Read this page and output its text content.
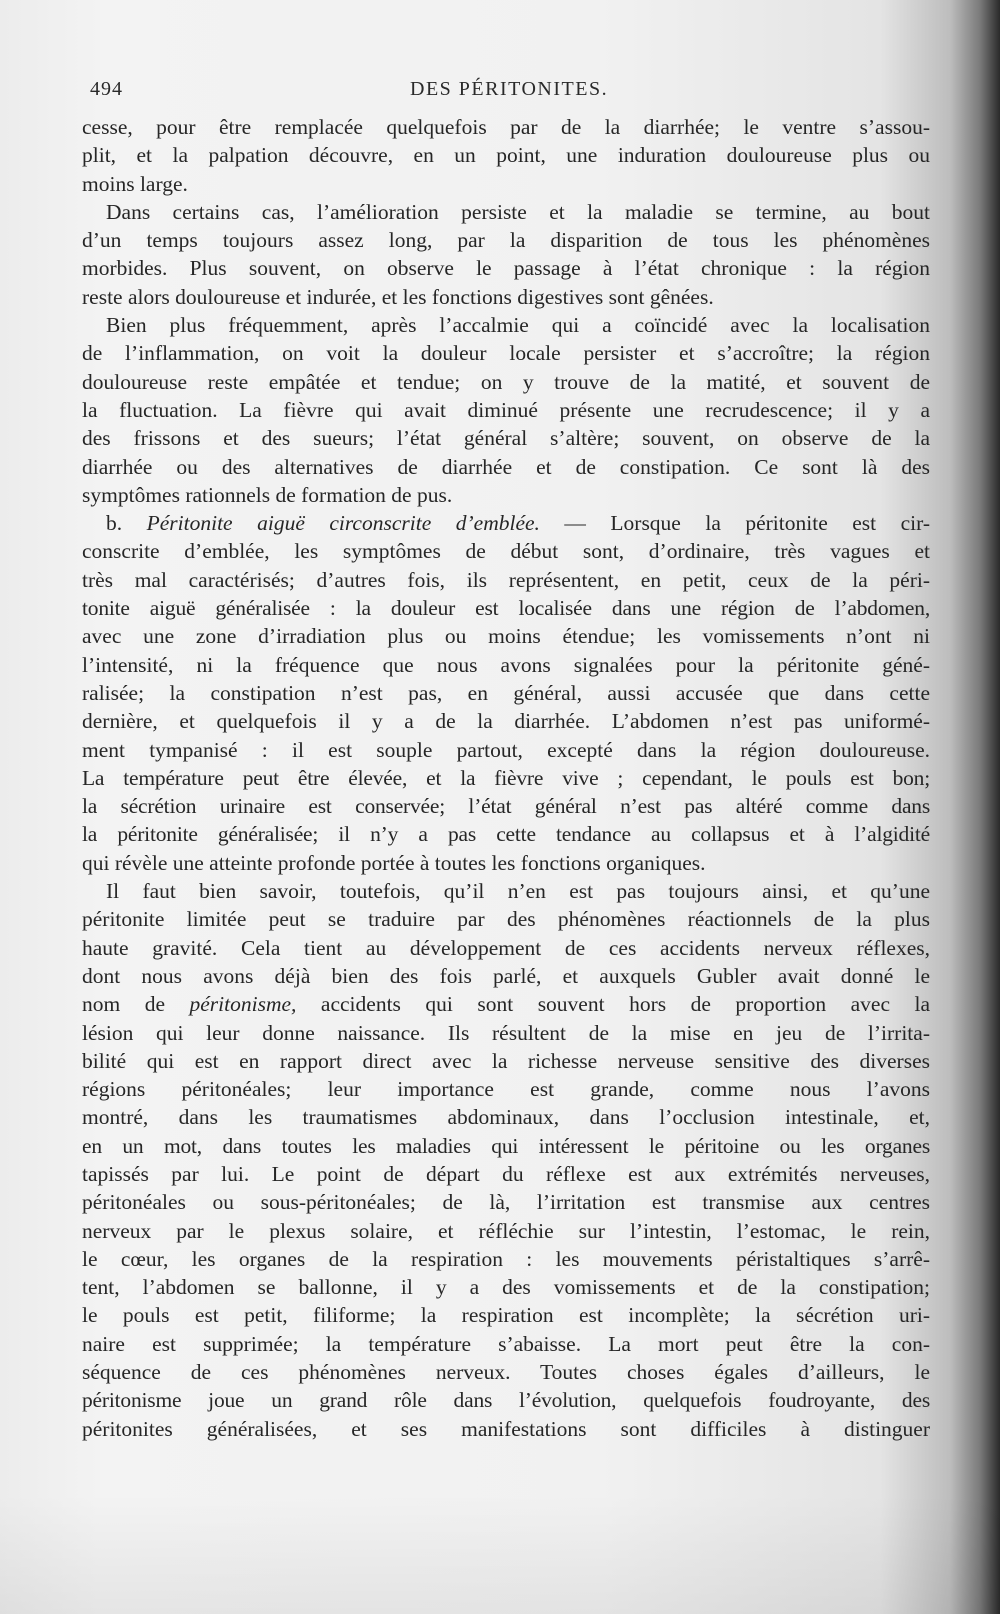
494	DES PÉRITONITES.
cesse, pour être remplacée quelquefois par de la diarrhée; le ventre s’assou-
plit, et la palpation découvre, en un point, une induration douloureuse plus ou
moins large.
Dans certains cas, l’amélioration persiste et la maladie se termine, au bout
d’un temps toujours assez long, par la disparition de tous les phénomènes
morbides. Plus souvent, on observe le passage à l’état chronique : la région
reste alors douloureuse et indurée, et les fonctions digestives sont gênées.
Bien plus fréquemment, après l’accalmie qui a coïncidé avec la localisation
de l’inflammation, on voit la douleur locale persister et s’accroître; la région
douloureuse reste empâtée et tendue; on y trouve de la matité, et souvent de
la fluctuation. La fièvre qui avait diminué présente une recrudescence; il y a
des frissons et des sueurs; l’état général s’altère; souvent, on observe de la
diarrhée ou des alternatives de diarrhée et de constipation. Ce sont là des
symptômes rationnels de formation de pus.
b. Péritonite aiguë circonscrite d’emblée. — Lorsque la péritonite est cir-
conscrite d’emblée, les symptômes de début sont, d’ordinaire, très vagues et
très mal caractérisés; d’autres fois, ils représentent, en petit, ceux de la péri-
tonite aiguë généralisée : la douleur est localisée dans une région de l’abdomen,
avec une zone d’irradiation plus ou moins étendue; les vomissements n’ont ni
l’intensité, ni la fréquence que nous avons signalées pour la péritonite géné-
ralisée; la constipation n’est pas, en général, aussi accusée que dans cette
dernière, et quelquefois il y a de la diarrhée. L’abdomen n’est pas uniformé-
ment tympanisé : il est souple partout, excepté dans la région douloureuse.
La température peut être élevée, et la fièvre vive ; cependant, le pouls est bon;
la sécrétion urinaire est conservée; l’état général n’est pas altéré comme dans
la péritonite généralisée; il n’y a pas cette tendance au collapsus et à l’algidité
qui révèle une atteinte profonde portée à toutes les fonctions organiques.
Il faut bien savoir, toutefois, qu’il n’en est pas toujours ainsi, et qu’une
péritonite limitée peut se traduire par des phénomènes réactionnels de la plus
haute gravité. Cela tient au développement de ces accidents nerveux réflexes,
dont nous avons déjà bien des fois parlé, et auxquels Gubler avait donné le
nom de péritonisme, accidents qui sont souvent hors de proportion avec la
lésion qui leur donne naissance. Ils résultent de la mise en jeu de l’irrita-
bilité qui est en rapport direct avec la richesse nerveuse sensitive des diverses
régions péritonéales; leur importance est grande, comme nous l’avons
montré, dans les traumatismes abdominaux, dans l’occlusion intestinale, et,
en un mot, dans toutes les maladies qui intéressent le péritoine ou les organes
tapissés par lui. Le point de départ du réflexe est aux extrémités nerveuses,
péritonéales ou sous-péritonéales; de là, l’irritation est transmise aux centres
nerveux par le plexus solaire, et réfléchie sur l’intestin, l’estomac, le rein,
le cœur, les organes de la respiration : les mouvements péristaltiques s’arrê-
tent, l’abdomen se ballonne, il y a des vomissements et de la constipation;
le pouls est petit, filiforme; la respiration est incomplète; la sécrétion uri-
naire est supprimée; la température s’abaisse. La mort peut être la con-
séquence de ces phénomènes nerveux. Toutes choses égales d’ailleurs, le
péritonisme joue un grand rôle dans l’évolution, quelquefois foudroyante, des
péritonites généralisées, et ses manifestations sont difficiles à distinguer
